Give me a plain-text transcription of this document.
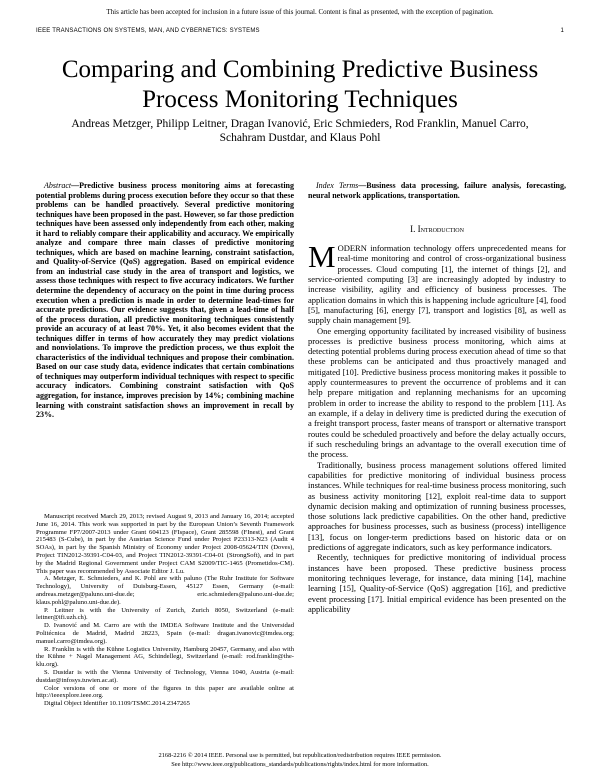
This article has been accepted for inclusion in a future issue of this journal. Content is final as presented, with the exception of pagination.
IEEE TRANSACTIONS ON SYSTEMS, MAN, AND CYBERNETICS: SYSTEMS	1
Comparing and Combining Predictive Business
Process Monitoring Techniques
Andreas Metzger, Philipp Leitner, Dragan Ivanović, Eric Schmieders, Rod Franklin, Manuel Carro,
Schahram Dustdar, and Klaus Pohl

Abstract—Predictive business process monitoring aims at forecasting potential problems during process execution before they occur so that these problems can be handled proactively. Several predictive monitoring techniques have been proposed in the past. However, so far those prediction techniques have been assessed only independently from each other, making it hard to reliably compare their applicability and accuracy. We empirically analyze and compare three main classes of predictive monitoring techniques, which are based on machine learning, constraint satisfaction, and Quality-of-Service (QoS) aggregation. Based on empirical evidence from an industrial case study in the area of transport and logistics, we assess those techniques with respect to five accuracy indicators. We further determine the dependency of accuracy on the point in time during process execution when a prediction is made in order to determine lead-times for accurate predictions. Our evidence suggests that, given a lead-time of half of the process duration, all predictive monitoring techniques consistently provide an accuracy of at least 70%. Yet, it also becomes evident that the techniques differ in terms of how accurately they may predict violations and nonviolations. To improve the prediction process, we thus exploit the characteristics of the individual techniques and propose their combination. Based on our case study data, evidence indicates that certain combinations of techniques may outperform individual techniques with respect to specific accuracy indicators. Combining constraint satisfaction with QoS aggregation, for instance, improves precision by 14%; combining machine learning with constraint satisfaction shows an improvement in recall by 23%.

Manuscript received March 29, 2013; revised August 9, 2013 and January 16, 2014; accepted June 16, 2014. This work was supported in part by the European Union’s Seventh Framework Programme FP7/2007-2013 under Grant 604123 (FIspace), Grant 285598 (FInest), and Grant 215483 (S-Cube), in part by the Austrian Science Fund under Project P23313-N23 (Audit 4 SOAs), in part by the Spanish Ministry of Economy under Project 2008-05624/TIN (Doves), Project TIN2012-39391-C04-03, and Project TIN2012-39391-C04-01 (StrongSoft), and in part by the Madrid Regional Government under Project CAM S2009/TIC-1465 (Prometidos-CM). This paper was recommended by Associate Editor J. Lu.

A. Metzger, E. Schmieders, and K. Pohl are with paluno (The Ruhr Institute for Software Technology), University of Duisburg-Essen, 45127 Essen, Germany (e-mail: andreas.metzger@paluno.uni-due.de; eric.schmieders@paluno.uni-due.de; klaus.pohl@paluno.uni-due.de).

P. Leitner is with the University of Zurich, Zurich 8050, Switzerland (e-mail: leitner@ifi.uzh.ch).

D. Ivanović and M. Carro are with the IMDEA Software Institute and the Universidad Politécnica de Madrid, Madrid 28223, Spain (e-mail: dragan.ivanovic@imdea.org; manuel.carro@imdea.org).

R. Franklin is with the Kühne Logistics University, Hamburg 20457, Germany, and also with the Kühne + Nagel Management AG, Schindellegi, Switzerland (e-mail: rod.franklin@the-klu.org).

S. Dustdar is with the Vienna University of Technology, Vienna 1040, Austria (e-mail: dustdar@infosys.tuwien.ac.at).

Color versions of one or more of the figures in this paper are available online at http://ieeexplore.ieee.org.

Digital Object Identifier 10.1109/TSMC.2014.2347265

Index Terms—Business data processing, failure analysis, forecasting, neural network applications, transportation.

I. Introduction

MODERN information technology offers unprecedented means for real-time monitoring and control of cross-organizational business processes. Cloud computing [1], the internet of things [2], and service-oriented computing [3] are increasingly adopted by industry to increase visibility, agility and efficiency of business processes. The application domains in which this is happening include agriculture [4], food [5], manufacturing [6], energy [7], transport and logistics [8], as well as supply chain management [9].

One emerging opportunity facilitated by increased visibility of business processes is predictive business process monitoring, which aims at detecting potential problems during process execution ahead of time so that these problems can be anticipated and thus proactively managed and mitigated [10]. Predictive business process monitoring makes it possible to apply countermeasures to prevent the occurrence of problems and it can help prepare mitigation and replanning mechanisms for an upcoming problem in order to increase the ability to respond to the problem [11]. As an example, if a delay in delivery time is predicted during the execution of a freight transport process, faster means of transport or alternative transport routes could be scheduled proactively and before the delay actually occurs, if such rescheduling brings an advantage to the overall execution time of the process.

Traditionally, business process management solutions offered limited capabilities for predictive monitoring of individual business process instances. While techniques for real-time business process monitoring, such as business activity monitoring [12], exploit real-time data to support dynamic decision making and optimization of running business processes, those solutions lack predictive capabilities. On the other hand, predictive approaches for business processes, such as business (process) intelligence [13], focus on longer-term predictions based on historic data or on predictions of aggregate indicators, such as key performance indicators.

Recently, techniques for predictive monitoring of individual process instances have been proposed. These predictive business process monitoring techniques leverage, for instance, data mining [14], machine learning [15], Quality-of-Service (QoS) aggregation [16], and predictive event processing [17]. Initial empirical evidence has been presented on the applicability

2168-2216 © 2014 IEEE. Personal use is permitted, but republication/redistribution requires IEEE permission.
See http://www.ieee.org/publications_standards/publications/rights/index.html for more information.
